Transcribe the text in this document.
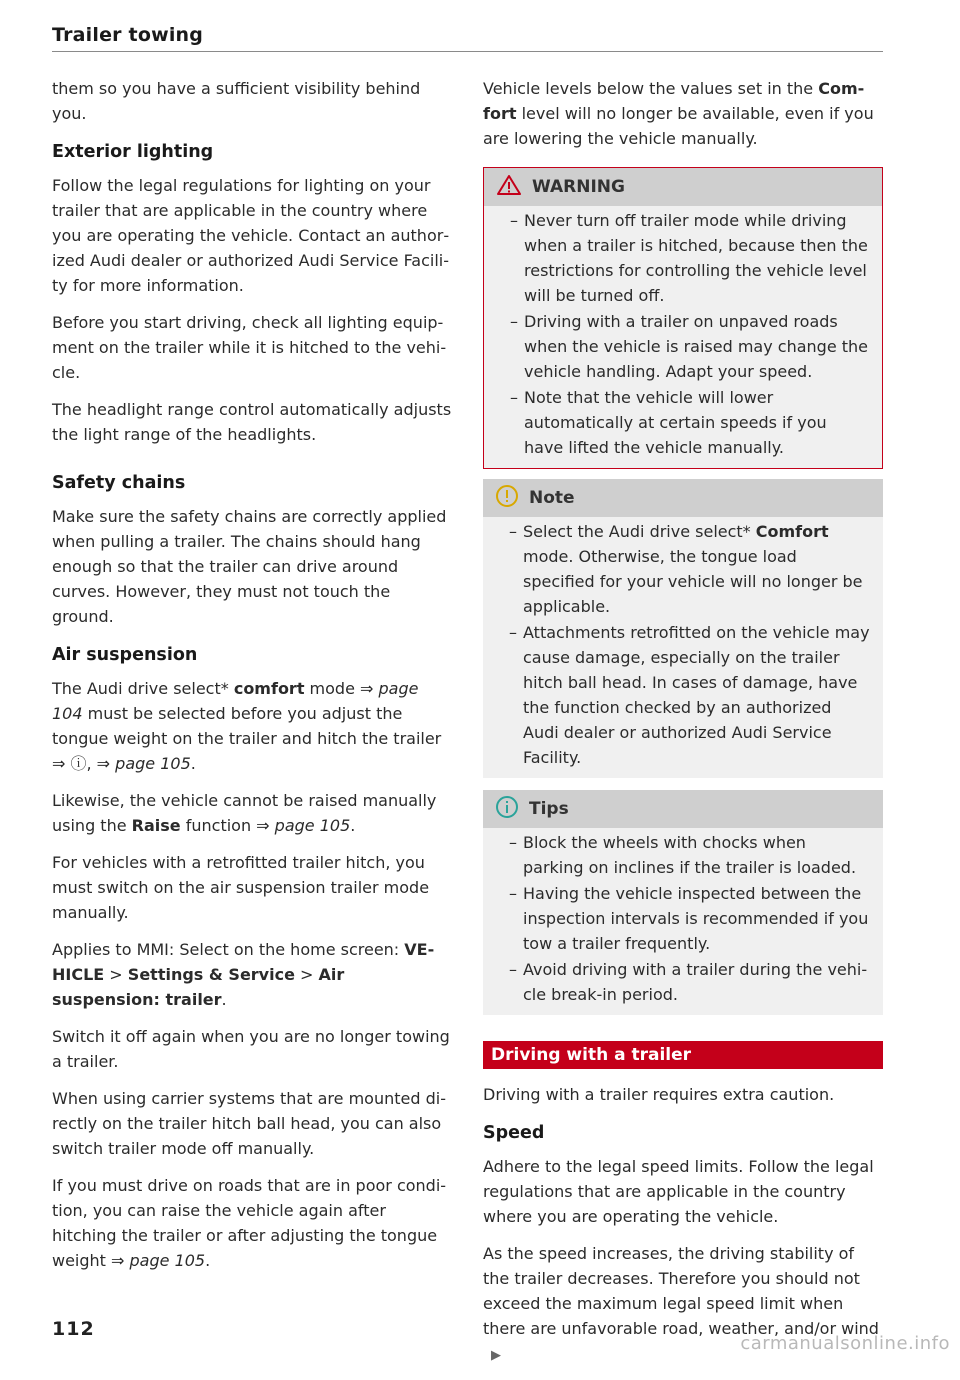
Trailer towing

them so you have a sufficient visibility behind you.

Exterior lighting

Follow the legal regulations for lighting on your trailer that are applicable in the country where you are operating the vehicle. Contact an authorized Audi dealer or authorized Audi Service Facility for more information.

Before you start driving, check all lighting equipment on the trailer while it is hitched to the vehicle.

The headlight range control automatically adjusts the light range of the headlights.

Safety chains

Make sure the safety chains are correctly applied when pulling a trailer. The chains should hang enough so that the trailer can drive around curves. However, they must not touch the ground.

Air suspension

The Audi drive select* comfort mode ⇒ page 104 must be selected before you adjust the tongue weight on the trailer and hitch the trailer ⇒ ⓘ, ⇒ page 105.

Likewise, the vehicle cannot be raised manually using the Raise function ⇒ page 105.

For vehicles with a retrofitted trailer hitch, you must switch on the air suspension trailer mode manually.

Applies to MMI: Select on the home screen: VEHICLE > Settings & Service > Air suspension: trailer.

Switch it off again when you are no longer towing a trailer.

When using carrier systems that are mounted directly on the trailer hitch ball head, you can also switch trailer mode off manually.

If you must drive on roads that are in poor condition, you can raise the vehicle again after hitching the trailer or after adjusting the tongue weight ⇒ page 105.

Vehicle levels below the values set in the Comfort level will no longer be available, even if you are lowering the vehicle manually.

WARNING
– Never turn off trailer mode while driving when a trailer is hitched, because then the restrictions for controlling the vehicle level will be turned off.
– Driving with a trailer on unpaved roads when the vehicle is raised may change the vehicle handling. Adapt your speed.
– Note that the vehicle will lower automatically at certain speeds if you have lifted the vehicle manually.
Note
– Select the Audi drive select* Comfort mode. Otherwise, the tongue load specified for your vehicle will no longer be applicable.
– Attachments retrofitted on the vehicle may cause damage, especially on the trailer hitch ball head. In cases of damage, have the function checked by an authorized Audi dealer or authorized Audi Service Facility.
Tips
– Block the wheels with chocks when parking on inclines if the trailer is loaded.
– Having the vehicle inspected between the inspection intervals is recommended if you tow a trailer frequently.
– Avoid driving with a trailer during the vehicle break-in period.
Driving with a trailer

Driving with a trailer requires extra caution.

Speed

Adhere to the legal speed limits. Follow the legal regulations that are applicable in the country where you are operating the vehicle.

As the speed increases, the driving stability of the trailer decreases. Therefore you should not exceed the maximum legal speed limit when there are unfavorable road, weather, and/or wind▶

112
carmanualsonline.info
